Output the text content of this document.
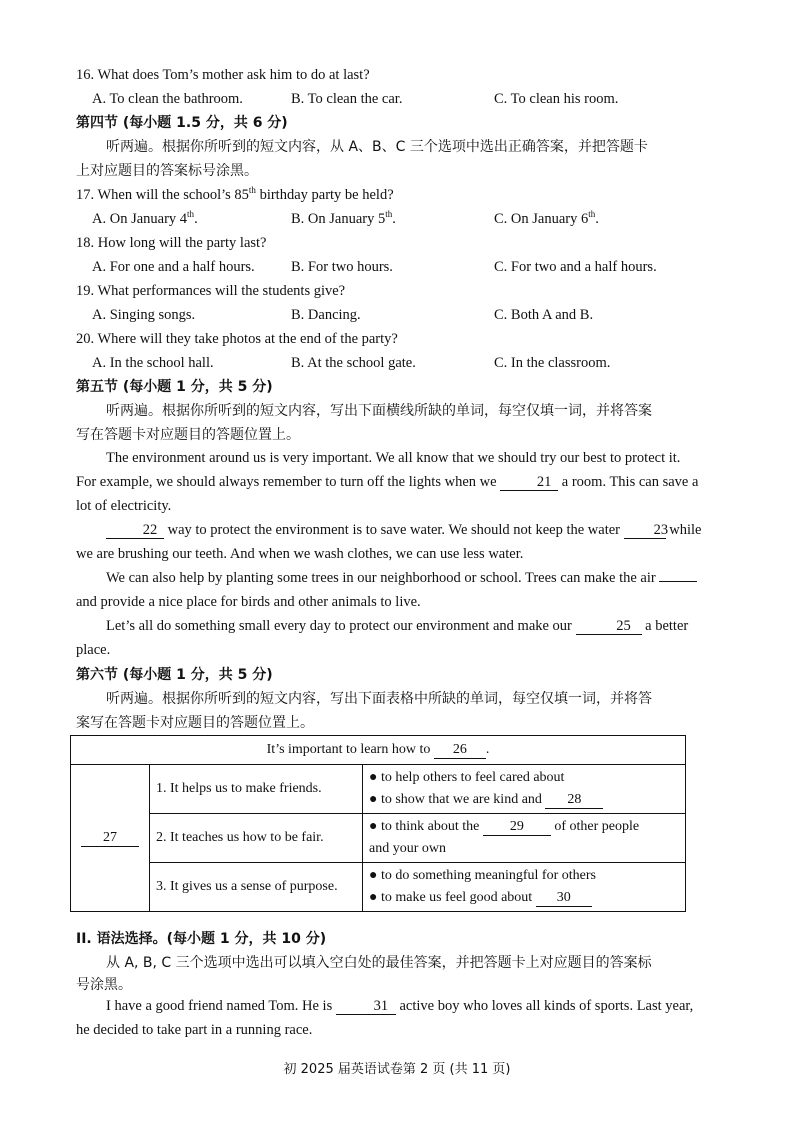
16. What does Tom’s mother ask him to do at last?
A. To clean the bathroom.	B. To clean the car.	C. To clean his room.
第四节 (每小题 1.5 分，共 6 分)
听两遍。根据你所听到的短文内容，从 A、B、C 三个选项中选出正确答案，并把答题卡
上对应题目的答案标号涂黑。
17. When will the school’s 85th birthday party be held?
A. On January 4th.	B. On January 5th.	C. On January 6th.
18. How long will the party last?
A. For one and a half hours.	B. For two hours.	C. For two and a half hours.
19. What performances will the students give?
A. Singing songs.	B. Dancing.	C. Both A and B.
20. Where will they take photos at the end of the party?
A. In the school hall.	B. At the school gate.	C. In the classroom.
第五节 (每小题 1 分，共 5 分)
听两遍。根据你所听到的短文内容，写出下面横线所缺的单词，每空仅填一词，并将答案
写在答题卡对应题目的答题位置上。
The environment around us is very important. We all know that we should try our best to protect it. For example, we should always remember to turn off the lights when we	21 a room. This can save a lot of electricity.
22 way to protect the environment is to save water. We should not keep the water 23 while we are brushing our teeth. And when we wash clothes, we can use less water.
We can also help by planting some trees in our neighborhood or school. Trees can make the air  and provide a nice place for birds and other animals to live.
Let’s all do something small every day to protect our environment and make our	25 a better place.
第六节 (每小题 1 分，共 5 分)
听两遍。根据你所听到的短文内容，写出下面表格中所缺的单词，每空仅填一词，并将答
案写在答题卡对应题目的答题位置上。
It’s important to learn how to 26 .		
27	1. It helps us to make friends.	● to help others to feel cared about
● to show that we are kind and 28

	2. It teaches us how to be fair.	● to think about the 29 of other people
and your own

	3. It gives us a sense of purpose.	● to do something meaningful for others
● to make us feel good about 30
II. 语法选择。(每小题 1 分，共 10 分)
从 A, B, C 三个选项中选出可以填入空白处的最佳答案，并把答题卡上对应题目的答案标
号涂黑。
I have a good friend named Tom. He is	31 active boy who loves all kinds of sports. Last year, he decided to take part in a running race.
初 2025 届英语试卷第 2 页 (共 11 页)
